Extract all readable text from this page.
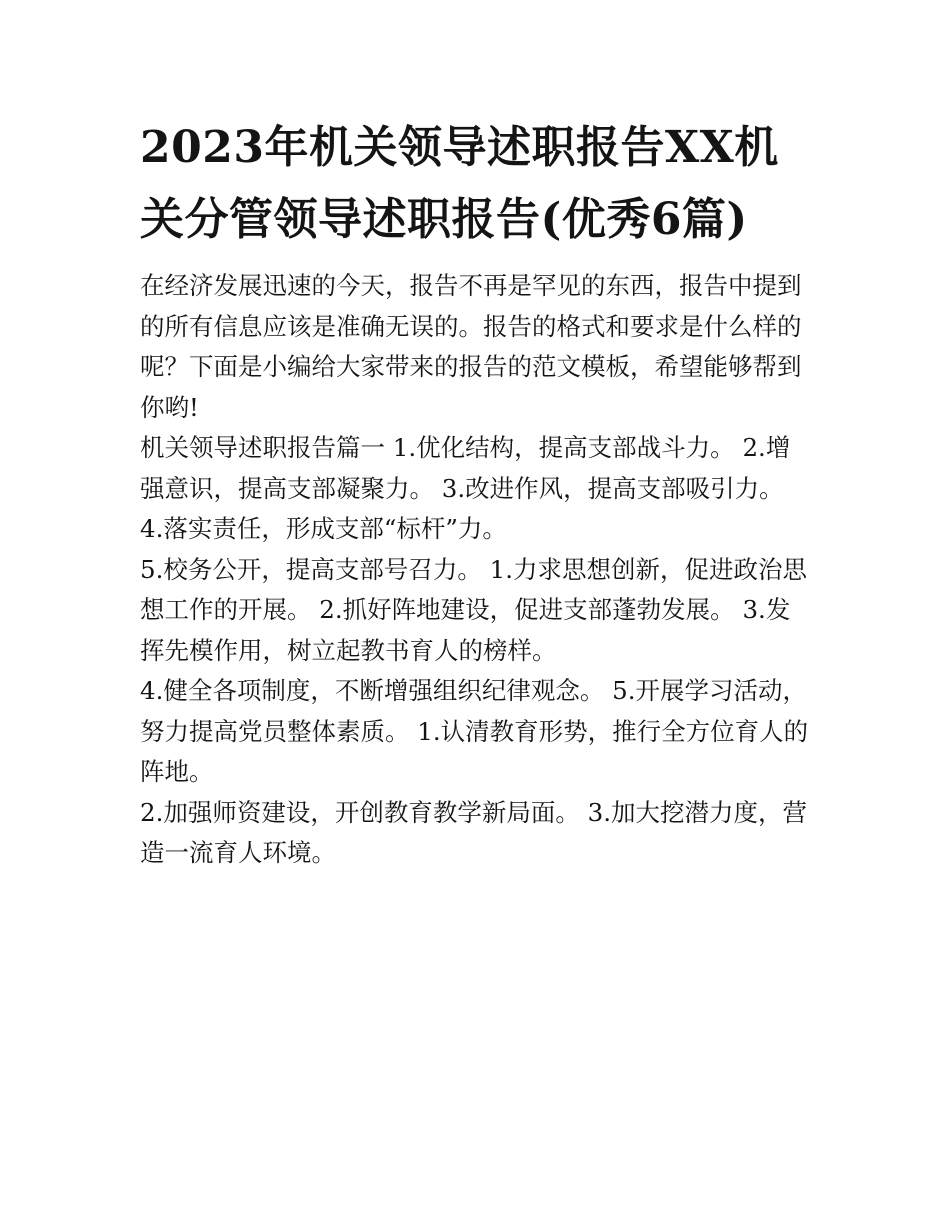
2023年机关领导述职报告XX机关分管领导述职报告(优秀6篇)

在经济发展迅速的今天，报告不再是罕见的东西，报告中提到的所有信息应该是准确无误的。报告的格式和要求是什么样的呢？下面是小编给大家带来的报告的范文模板，希望能够帮到你哟!

机关领导述职报告篇一 1.优化结构，提高支部战斗力。 2.增强意识，提高支部凝聚力。 3.改进作风，提高支部吸引力。 4.落实责任，形成支部“标杆”力。

5.校务公开，提高支部号召力。 1.力求思想创新，促进政治思想工作的开展。 2.抓好阵地建设，促进支部蓬勃发展。 3.发挥先模作用，树立起教书育人的榜样。

4.健全各项制度，不断增强组织纪律观念。 5.开展学习活动，努力提高党员整体素质。 1.认清教育形势，推行全方位育人的阵地。

2.加强师资建设，开创教育教学新局面。 3.加大挖潜力度，营造一流育人环境。
